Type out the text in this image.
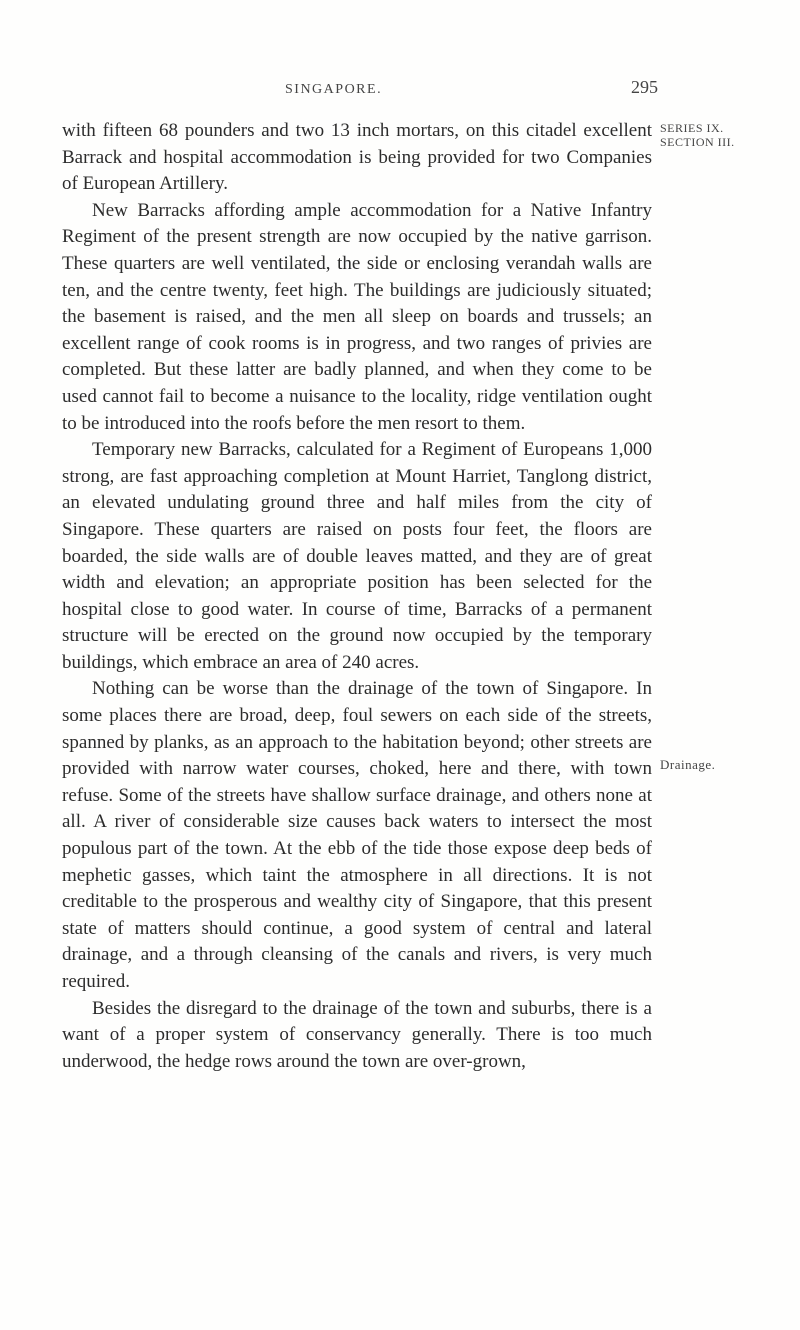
SINGAPORE.	295
SERIES IX.
SECTION III.
Drainage.

with fifteen 68 pounders and two 13 inch mortars, on this citadel excellent Barrack and hospital accommodation is being provided for two Companies of European Artillery.

New Barracks affording ample accommodation for a Native Infantry Regiment of the present strength are now occupied by the native garrison. These quarters are well ventilated, the side or enclosing verandah walls are ten, and the centre twenty, feet high. The buildings are judiciously situated; the basement is raised, and the men all sleep on boards and trussels; an excellent range of cook rooms is in progress, and two ranges of privies are completed. But these latter are badly planned, and when they come to be used cannot fail to become a nuisance to the locality, ridge ventilation ought to be introduced into the roofs before the men resort to them.

Temporary new Barracks, calculated for a Regiment of Europeans 1,000 strong, are fast approaching completion at Mount Harriet, Tanglong district, an elevated undulating ground three and half miles from the city of Singapore. These quarters are raised on posts four feet, the floors are boarded, the side walls are of double leaves matted, and they are of great width and elevation; an appropriate position has been selected for the hospital close to good water. In course of time, Barracks of a permanent structure will be erected on the ground now occupied by the temporary buildings, which embrace an area of 240 acres.

Nothing can be worse than the drainage of the town of Singapore. In some places there are broad, deep, foul sewers on each side of the streets, spanned by planks, as an approach to the habitation beyond; other streets are provided with narrow water courses, choked, here and there, with town refuse. Some of the streets have shallow surface drainage, and others none at all. A river of considerable size causes back waters to intersect the most populous part of the town. At the ebb of the tide those expose deep beds of mephetic gasses, which taint the atmosphere in all directions. It is not creditable to the prosperous and wealthy city of Singapore, that this present state of matters should continue, a good system of central and lateral drainage, and a through cleansing of the canals and rivers, is very much required.

Besides the disregard to the drainage of the town and suburbs, there is a want of a proper system of conservancy generally. There is too much underwood, the hedge rows around the town are over-grown,
